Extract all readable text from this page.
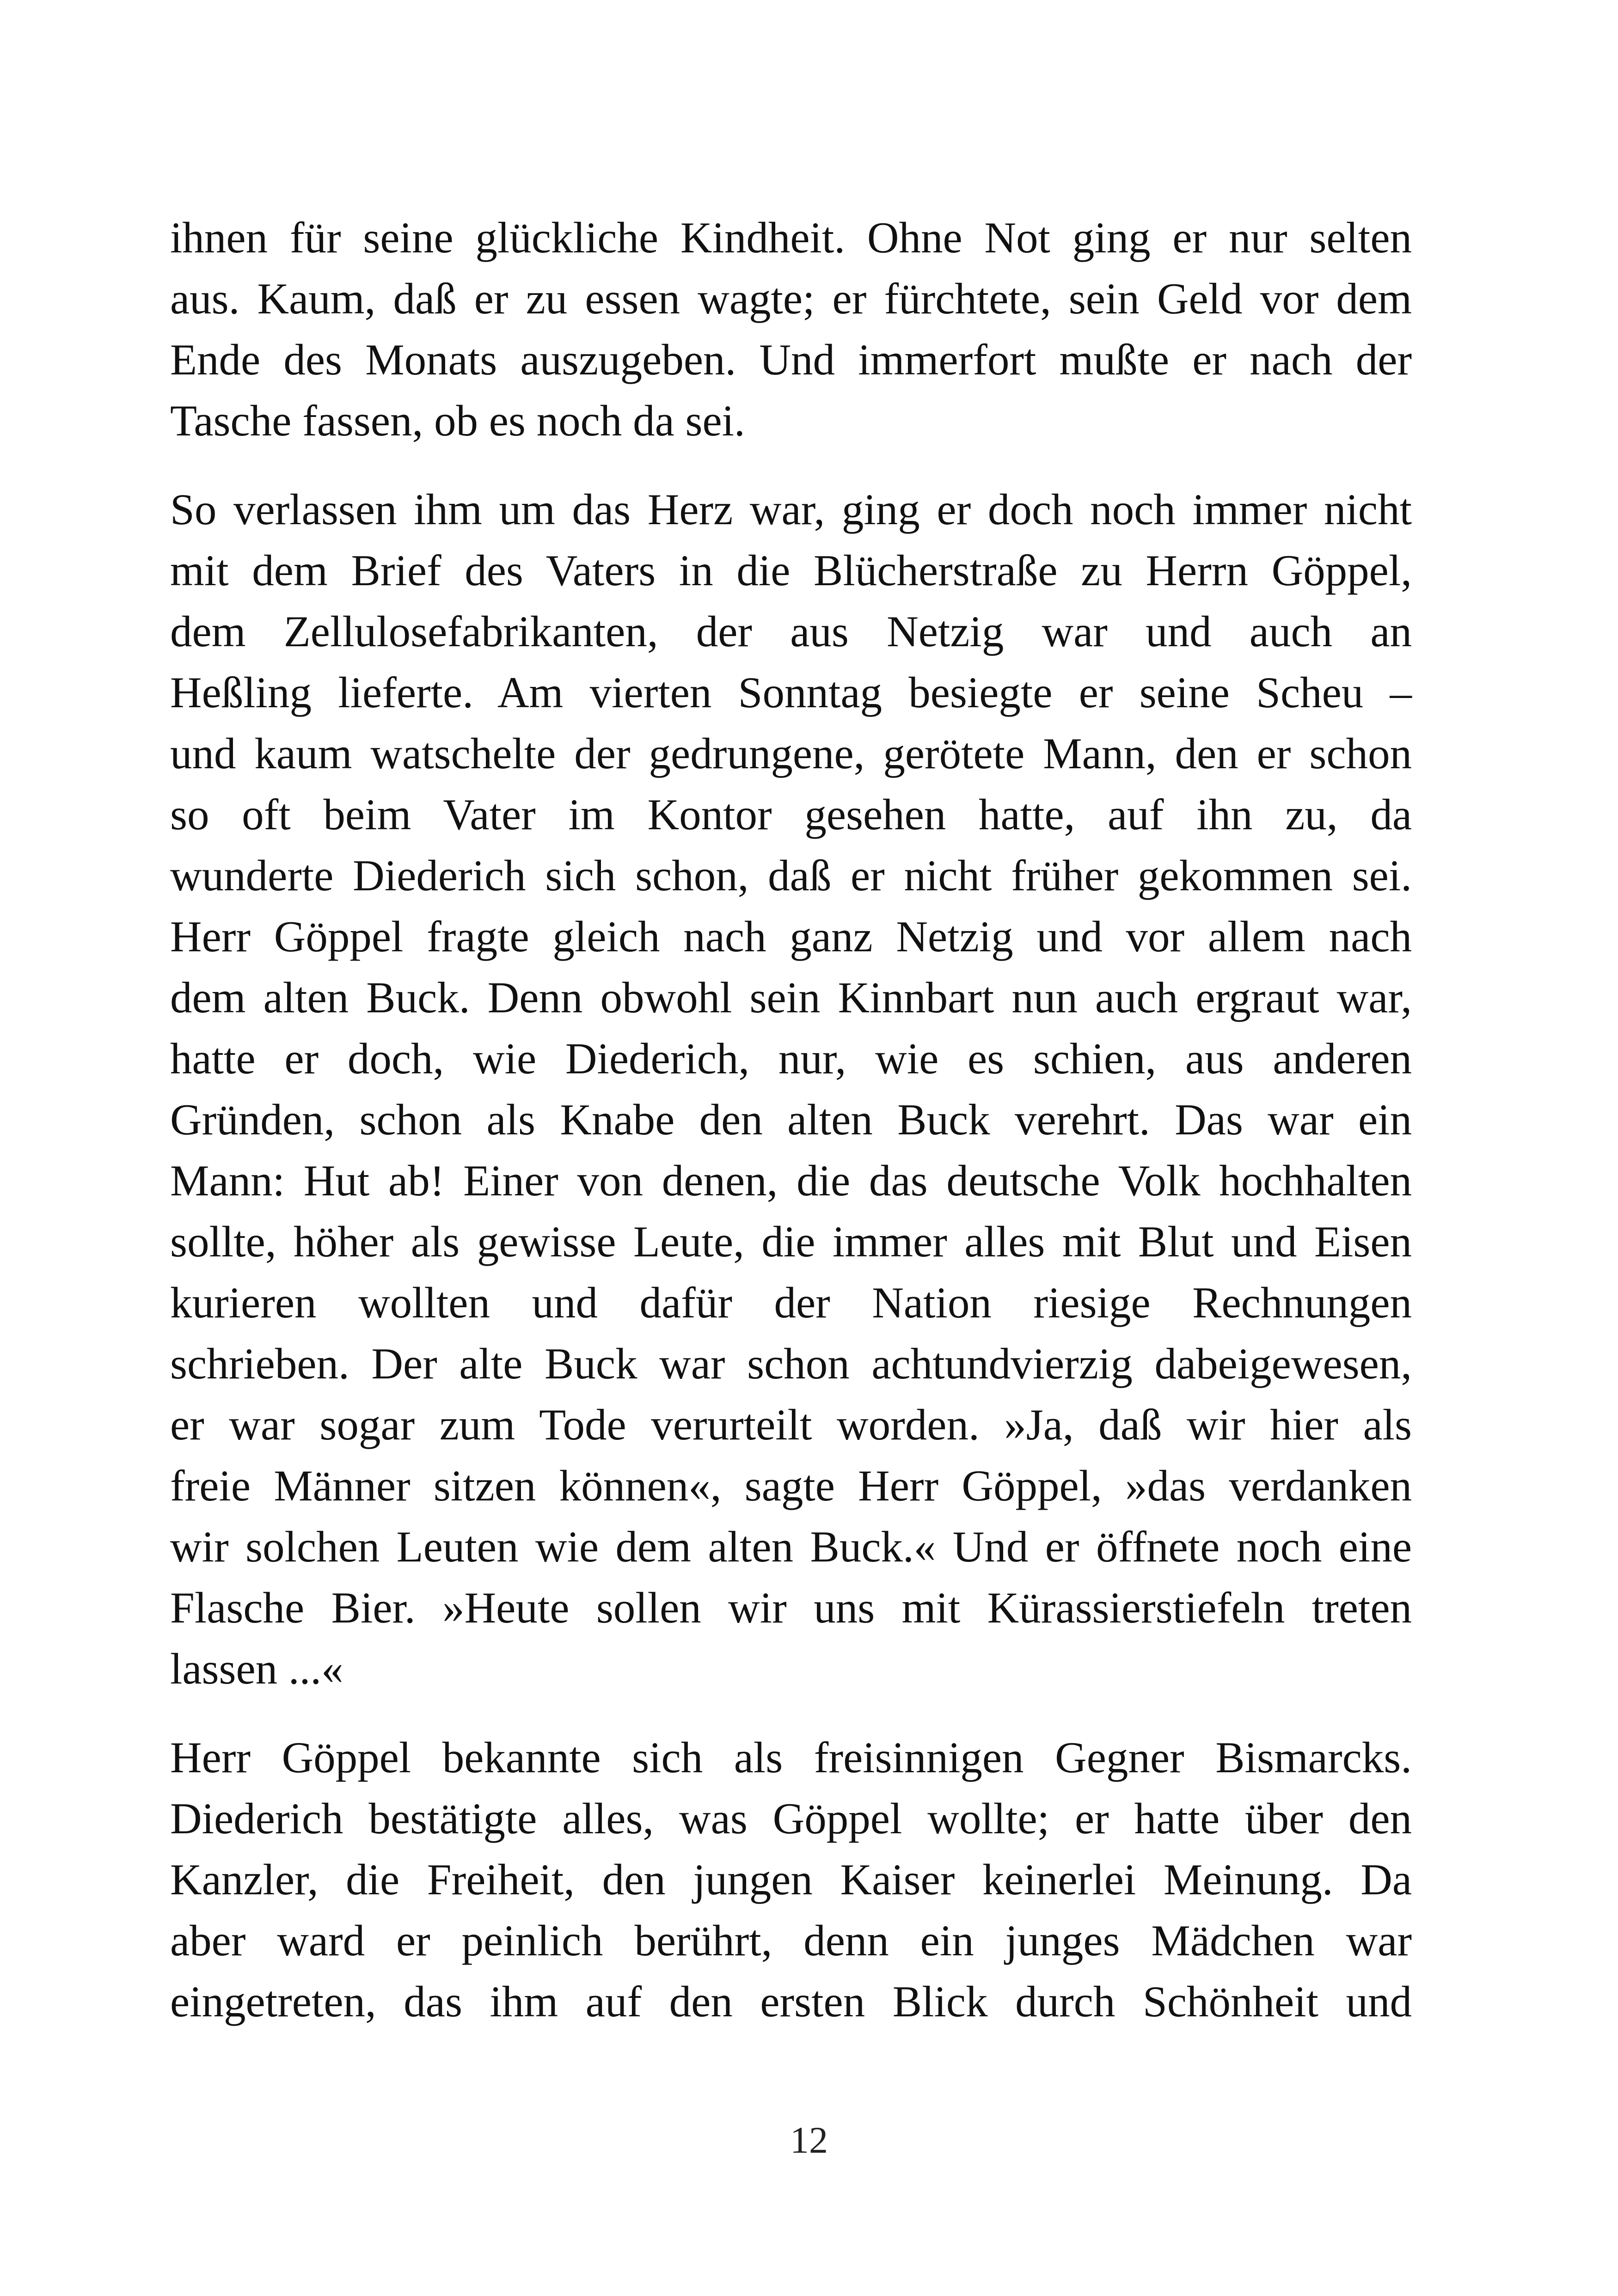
ihnen für seine glückliche Kindheit. Ohne Not ging er nur selten
aus. Kaum, daß er zu essen wagte; er fürchtete, sein Geld vor dem
Ende des Monats auszugeben. Und immerfort mußte er nach der
Tasche fassen, ob es noch da sei.

So verlassen ihm um das Herz war, ging er doch noch immer nicht
mit dem Brief des Vaters in die Blücherstraße zu Herrn Göppel,
dem Zellulosefabrikanten, der aus Netzig war und auch an
Heßling lieferte. Am vierten Sonntag besiegte er seine Scheu –
und kaum watschelte der gedrungene, gerötete Mann, den er schon
so oft beim Vater im Kontor gesehen hatte, auf ihn zu, da
wunderte Diederich sich schon, daß er nicht früher gekommen sei.
Herr Göppel fragte gleich nach ganz Netzig und vor allem nach
dem alten Buck. Denn obwohl sein Kinnbart nun auch ergraut war,
hatte er doch, wie Diederich, nur, wie es schien, aus anderen
Gründen, schon als Knabe den alten Buck verehrt. Das war ein
Mann: Hut ab! Einer von denen, die das deutsche Volk hochhalten
sollte, höher als gewisse Leute, die immer alles mit Blut und Eisen
kurieren wollten und dafür der Nation riesige Rechnungen
schrieben. Der alte Buck war schon achtundvierzig dabeigewesen,
er war sogar zum Tode verurteilt worden. »Ja, daß wir hier als
freie Männer sitzen können«, sagte Herr Göppel, »das verdanken
wir solchen Leuten wie dem alten Buck.« Und er öffnete noch eine
Flasche Bier. »Heute sollen wir uns mit Kürassierstiefeln treten
lassen ...«

Herr Göppel bekannte sich als freisinnigen Gegner Bismarcks.
Diederich bestätigte alles, was Göppel wollte; er hatte über den
Kanzler, die Freiheit, den jungen Kaiser keinerlei Meinung. Da
aber ward er peinlich berührt, denn ein junges Mädchen war
eingetreten, das ihm auf den ersten Blick durch Schönheit und

12
